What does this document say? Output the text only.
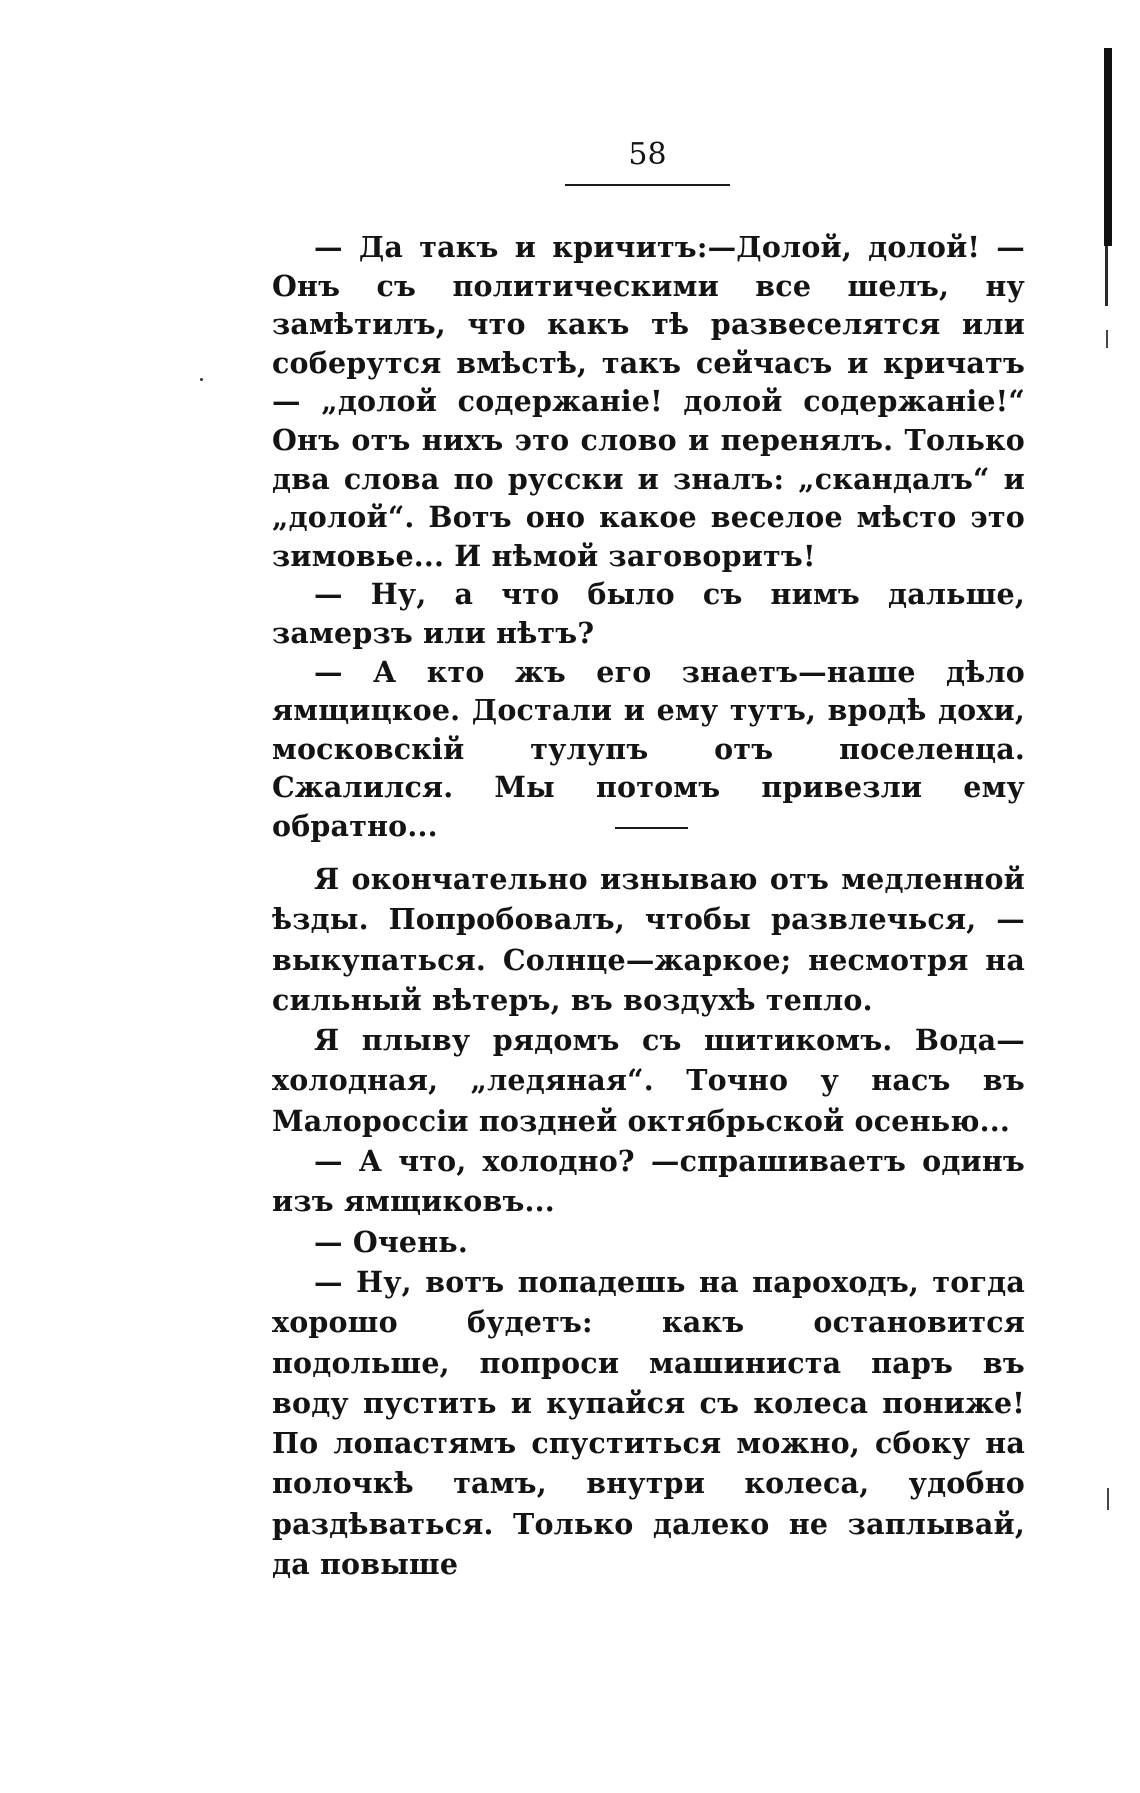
58

— Да такъ и кричитъ:—Долой, долой! —Онъ съ политическими все шелъ, ну замѣтилъ, что какъ тѣ развеселятся или соберутся вмѣстѣ, такъ сейчасъ и кричатъ— „долой содержаніе! долой содержаніе!“ Онъ отъ нихъ это слово и перенялъ. Только два слова по русски и зналъ: „скандалъ“ и „долой“. Вотъ оно какое веселое мѣсто это зимовье... И нѣмой заговоритъ!

— Ну, а что было съ нимъ дальше, замерзъ или нѣтъ?

— А кто жъ его знаетъ—наше дѣло ямщицкое. Достали и ему тутъ, вродѣ дохи, московскій тулупъ отъ поселенца. Сжалился. Мы потомъ привезли ему обратно...

Я окончательно изнываю отъ медленной ѣзды. Попробовалъ, чтобы развлечься, — выкупаться. Солнце—жаркое; несмотря на сильный вѣтеръ, въ воздухѣ тепло.

Я плыву рядомъ съ шитикомъ. Вода—холодная, „ледяная“. Точно у насъ въ Малороссіи поздней октябрьской осенью...

— А что, холодно? —спрашиваетъ одинъ изъ ямщиковъ...

— Очень.

— Ну, вотъ попадешь на пароходъ, тогда хорошо будетъ: какъ остановится подольше, попроси машиниста паръ въ воду пустить и купайся съ колеса пониже! По лопастямъ спуститься можно, сбоку на полочкѣ тамъ, внутри колеса, удобно раздѣваться. Только далеко не заплывай, да повыше
